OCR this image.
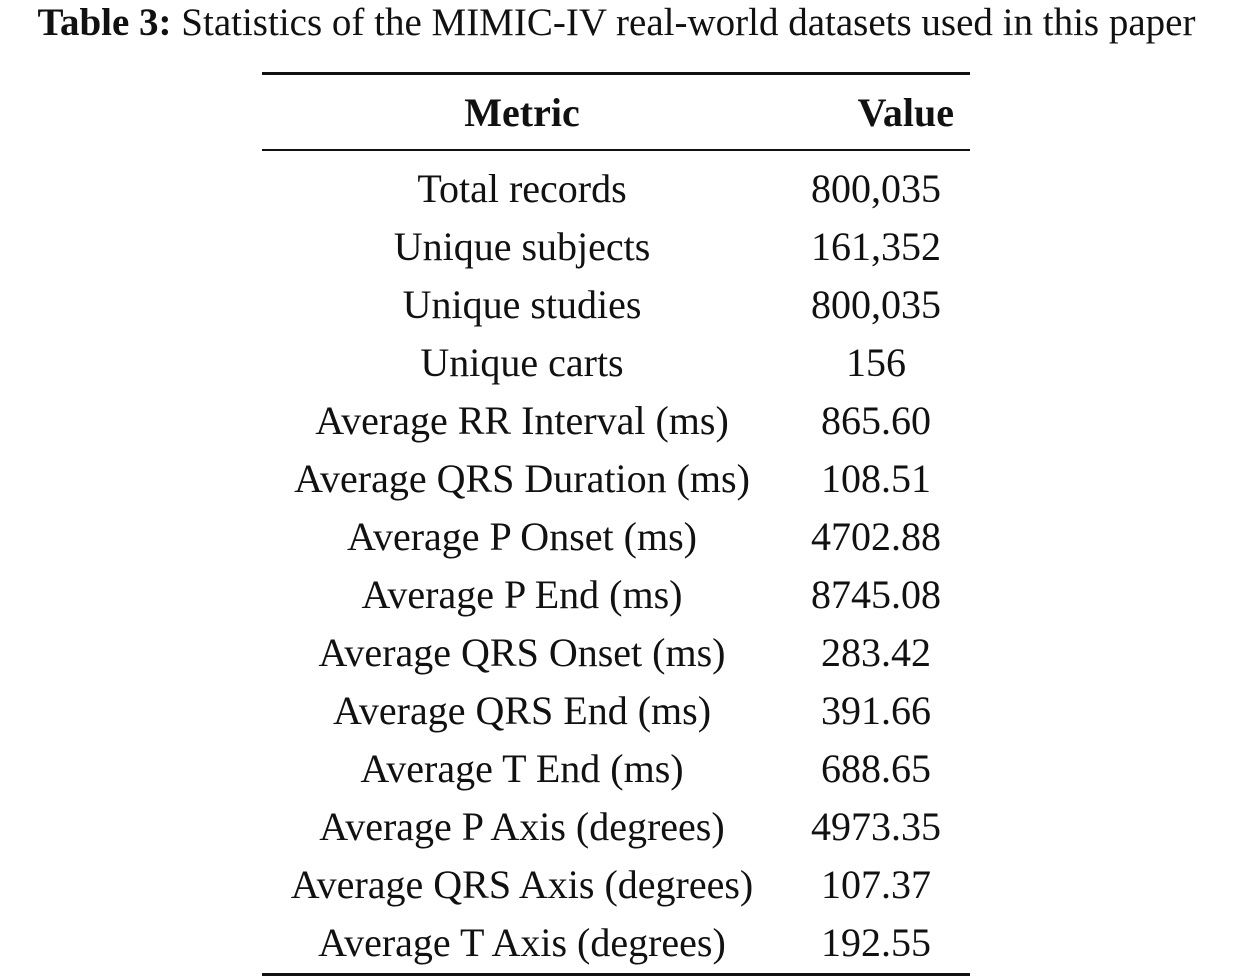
Table 3: Statistics of the MIMIC-IV real-world datasets used in this paper
Metric	Value
Total records	800,035
Unique subjects	161,352
Unique studies	800,035
Unique carts	156
Average RR Interval (ms)	865.60
Average QRS Duration (ms)	108.51
Average P Onset (ms)	4702.88
Average P End (ms)	8745.08
Average QRS Onset (ms)	283.42
Average QRS End (ms)	391.66
Average T End (ms)	688.65
Average P Axis (degrees)	4973.35
Average QRS Axis (degrees)	107.37
Average T Axis (degrees)	192.55
